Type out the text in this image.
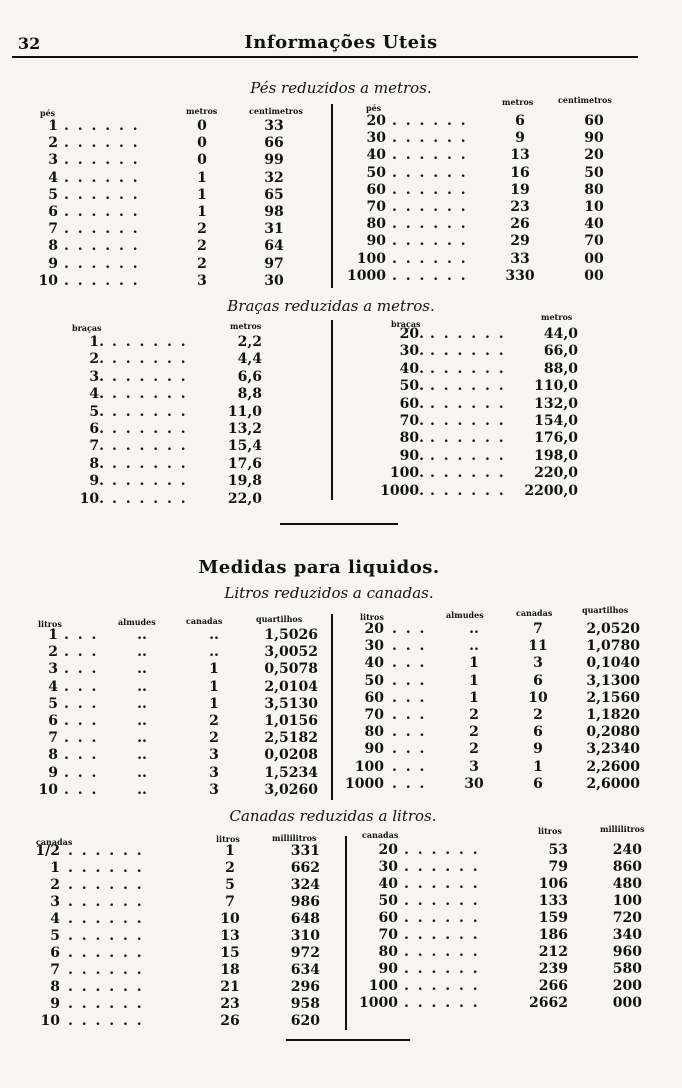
32	Informações Uteis
Pés reduzidos a metros.
pés	metros	centimetros	pés
metros	centimetros
1	0	33
. . . . . .
2	0	66
. . . . . .
3	0	99
. . . . . .
4	1	32
. . . . . .
5	1	65
. . . . . .
6	1	98
. . . . . .
7	2	31
. . . . . .
8	2	64
. . . . . .
9	2	97
. . . . . .
10	3	30
. . . . . .
20	6	60
. . . . . .
30	9	90
. . . . . .
40	13	20
. . . . . .
50	16	50
. . . . . .
60	19	80
. . . . . .
70	23	10
. . . . . .
80	26	40
. . . . . .
90	29	70
. . . . . .
100	33	00
. . . . . .
1000	330	00
. . . . . .
Braças reduzidas a metros.
braças	metros	braças
metros
1.	2,2
. . . . . .
2.	4,4
. . . . . .
3.	6,6
. . . . . .
4.	8,8
. . . . . .
5.	11,0
. . . . . .
6.	13,2
. . . . . .
7.	15,4
. . . . . .
8.	17,6
. . . . . .
9.	19,8
. . . . . .
10.	22,0
. . . . . .
20.	44,0
. . . . . .
30.	66,0
. . . . . .
40.	88,0
. . . . . .
50.	110,0
. . . . . .
60.	132,0
. . . . . .
70.	154,0
. . . . . .
80.	176,0
. . . . . .
90.	198,0
. . . . . .
100.	220,0
. . . . . .
1000.	2200,0
. . . . . .
Medidas para liquidos.
Litros reduzidos a canadas.
litros	almudes	canadas	quartilhos	litros	almudes	canadas	quartilhos
1	..	..	1,5026
. . .
2	..	..	3,0052
. . .
3	..	1	0,5078
. . .
4	..	1	2,0104
. . .
5	..	1	3,5130
. . .
6	..	2	1,0156
. . .
7	..	2	2,5182
. . .
8	..	3	0,0208
. . .
9	..	3	1,5234
. . .
10	..	3	3,0260
. . .
20	..	7	2,0520
. . .
30	..	11	1,0780
. . .
40	1	3	0,1040
. . .
50	1	6	3,1300
. . .
60	1	10	2,1560
. . .
70	2	2	1,1820
. . .
80	2	6	0,2080
. . .
90	2	9	3,2340
. . .
100	3	1	2,2600
. . .
1000	30	6	2,6000
. . .
Canadas reduzidas a litros.
canadas	litros	millilitros	canadas	litros	millilitros
1/2	1	331
. . . . . .
1	2	662
. . . . . .
2	5	324
. . . . . .
3	7	986
. . . . . .
4	10	648
. . . . . .
5	13	310
. . . . . .
6	15	972
. . . . . .
7	18	634
. . . . . .
8	21	296
. . . . . .
9	23	958
. . . . . .
10	26	620
. . . . . .
20	53	240
. . . . . .
30	79	860
. . . . . .
40	106	480
. . . . . .
50	133	100
. . . . . .
60	159	720
. . . . . .
70	186	340
. . . . . .
80	212	960
. . . . . .
90	239	580
. . . . . .
100	266	200
. . . . . .
1000	2662	000
. . . . . .
